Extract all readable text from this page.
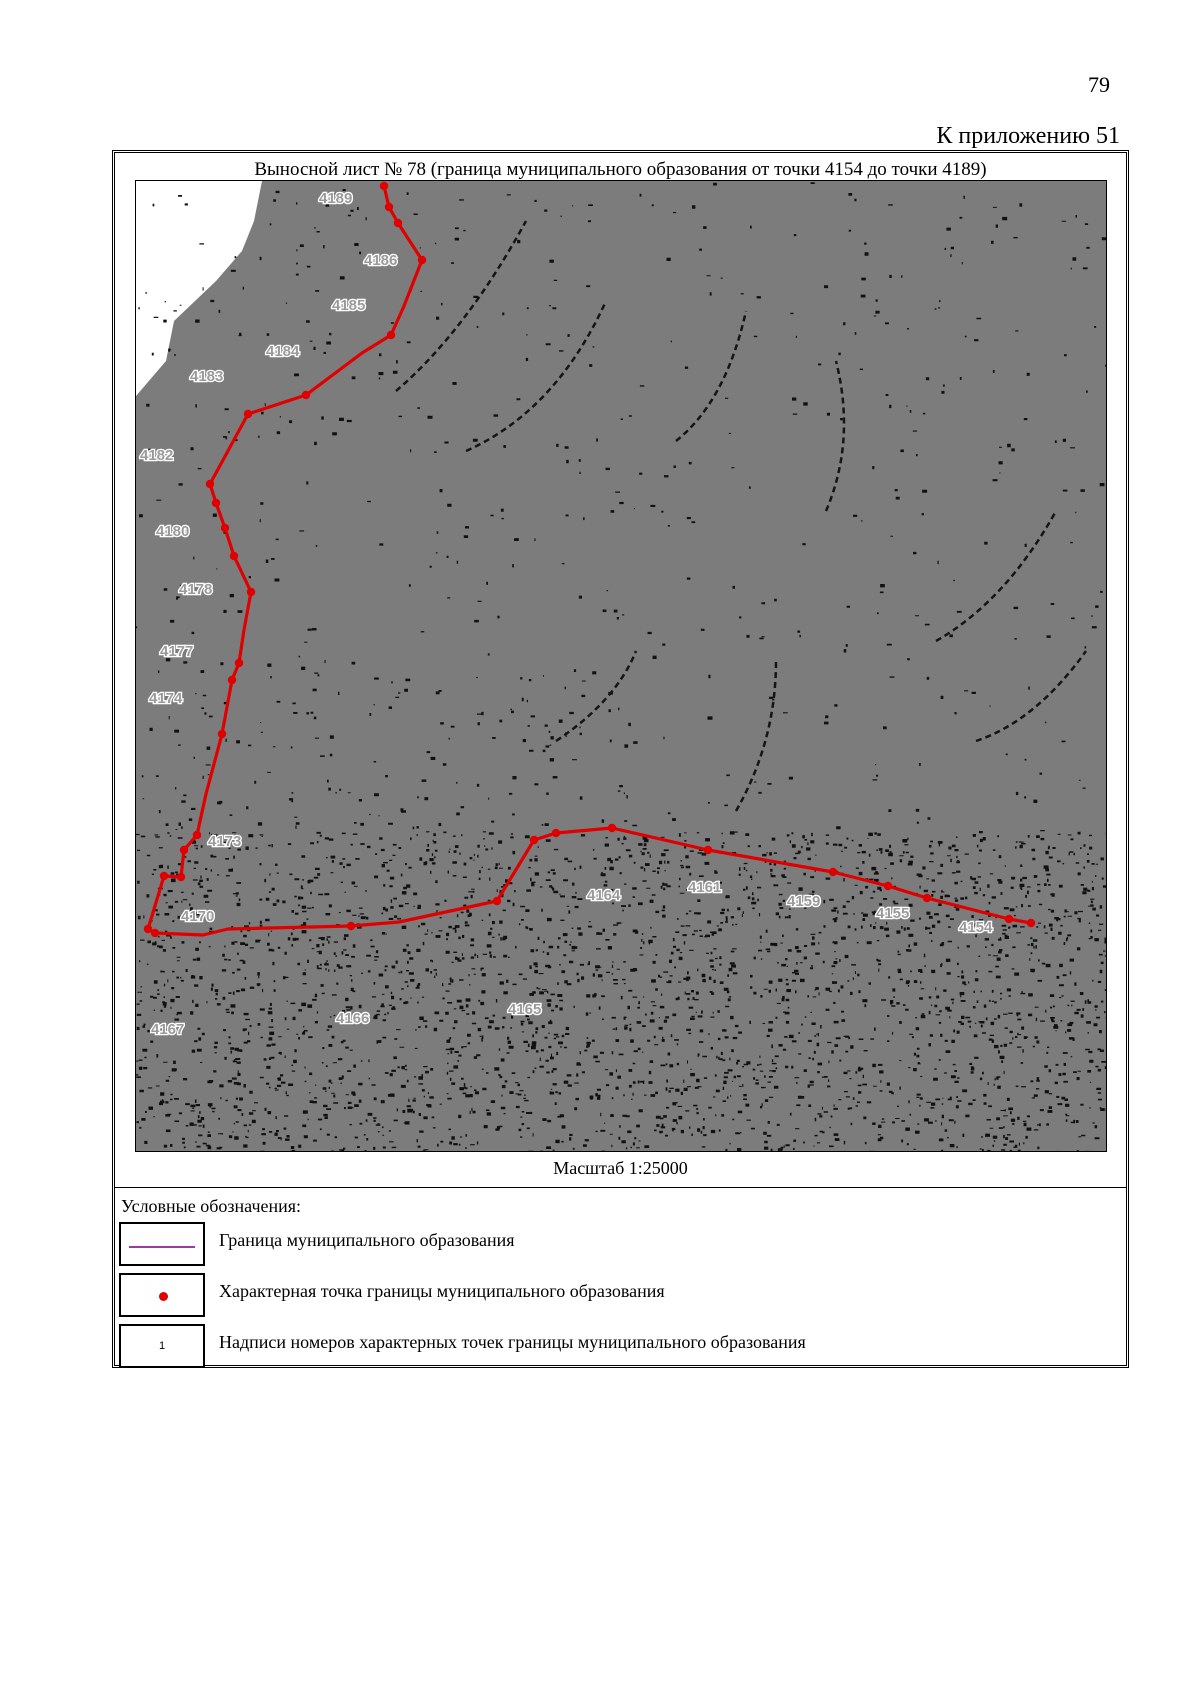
79
К приложению 51
Выносной лист № 78 (граница муниципального образования от точки 4154 до точки 4189)
4189
4186
4185
4184
4183
4182
4180
4178
4177
4174
4173
4170
4167
4166
4165
4164	4161
4159
4155
4154
Масштаб 1:25000
Условные обозначения:
Граница муниципального образования
Характерная точка границы муниципального образования
1	Надписи номеров характерных точек границы муниципального образования
